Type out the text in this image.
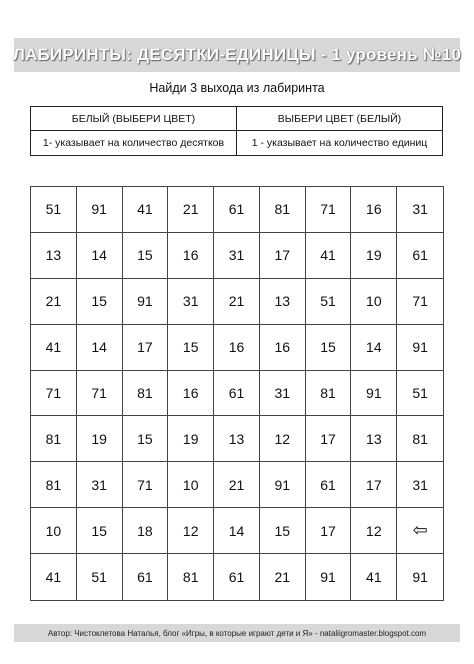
ЛАБИРИНТЫ: ДЕСЯТКИ-ЕДИНИЦЫ - 1 уровень №10
Найди 3 выхода из лабиринта
БЕЛЫЙ (ВЫБЕРИ ЦВЕТ)	ВЫБЕРИ ЦВЕТ (БЕЛЫЙ)
1- указывает на количество десятков	1 - указывает на количество единиц
51	91	41	21	61	81	71	16	31
13	14	15	16	31	17	41	19	61
21	15	91	31	21	13	51	10	71
41	14	17	15	16	16	15	14	91
71	71	81	16	61	31	81	91	51
81	19	15	19	13	12	17	13	81
81	31	71	10	21	91	61	17	31
10	15	18	12	14	15	17	12	⇦
41	51	61	81	61	21	91	41	91
Автор: Чистоклетова Наталья, блог «Игры, в которые играют дети и Я» - nataliigromaster.blogspot.com
